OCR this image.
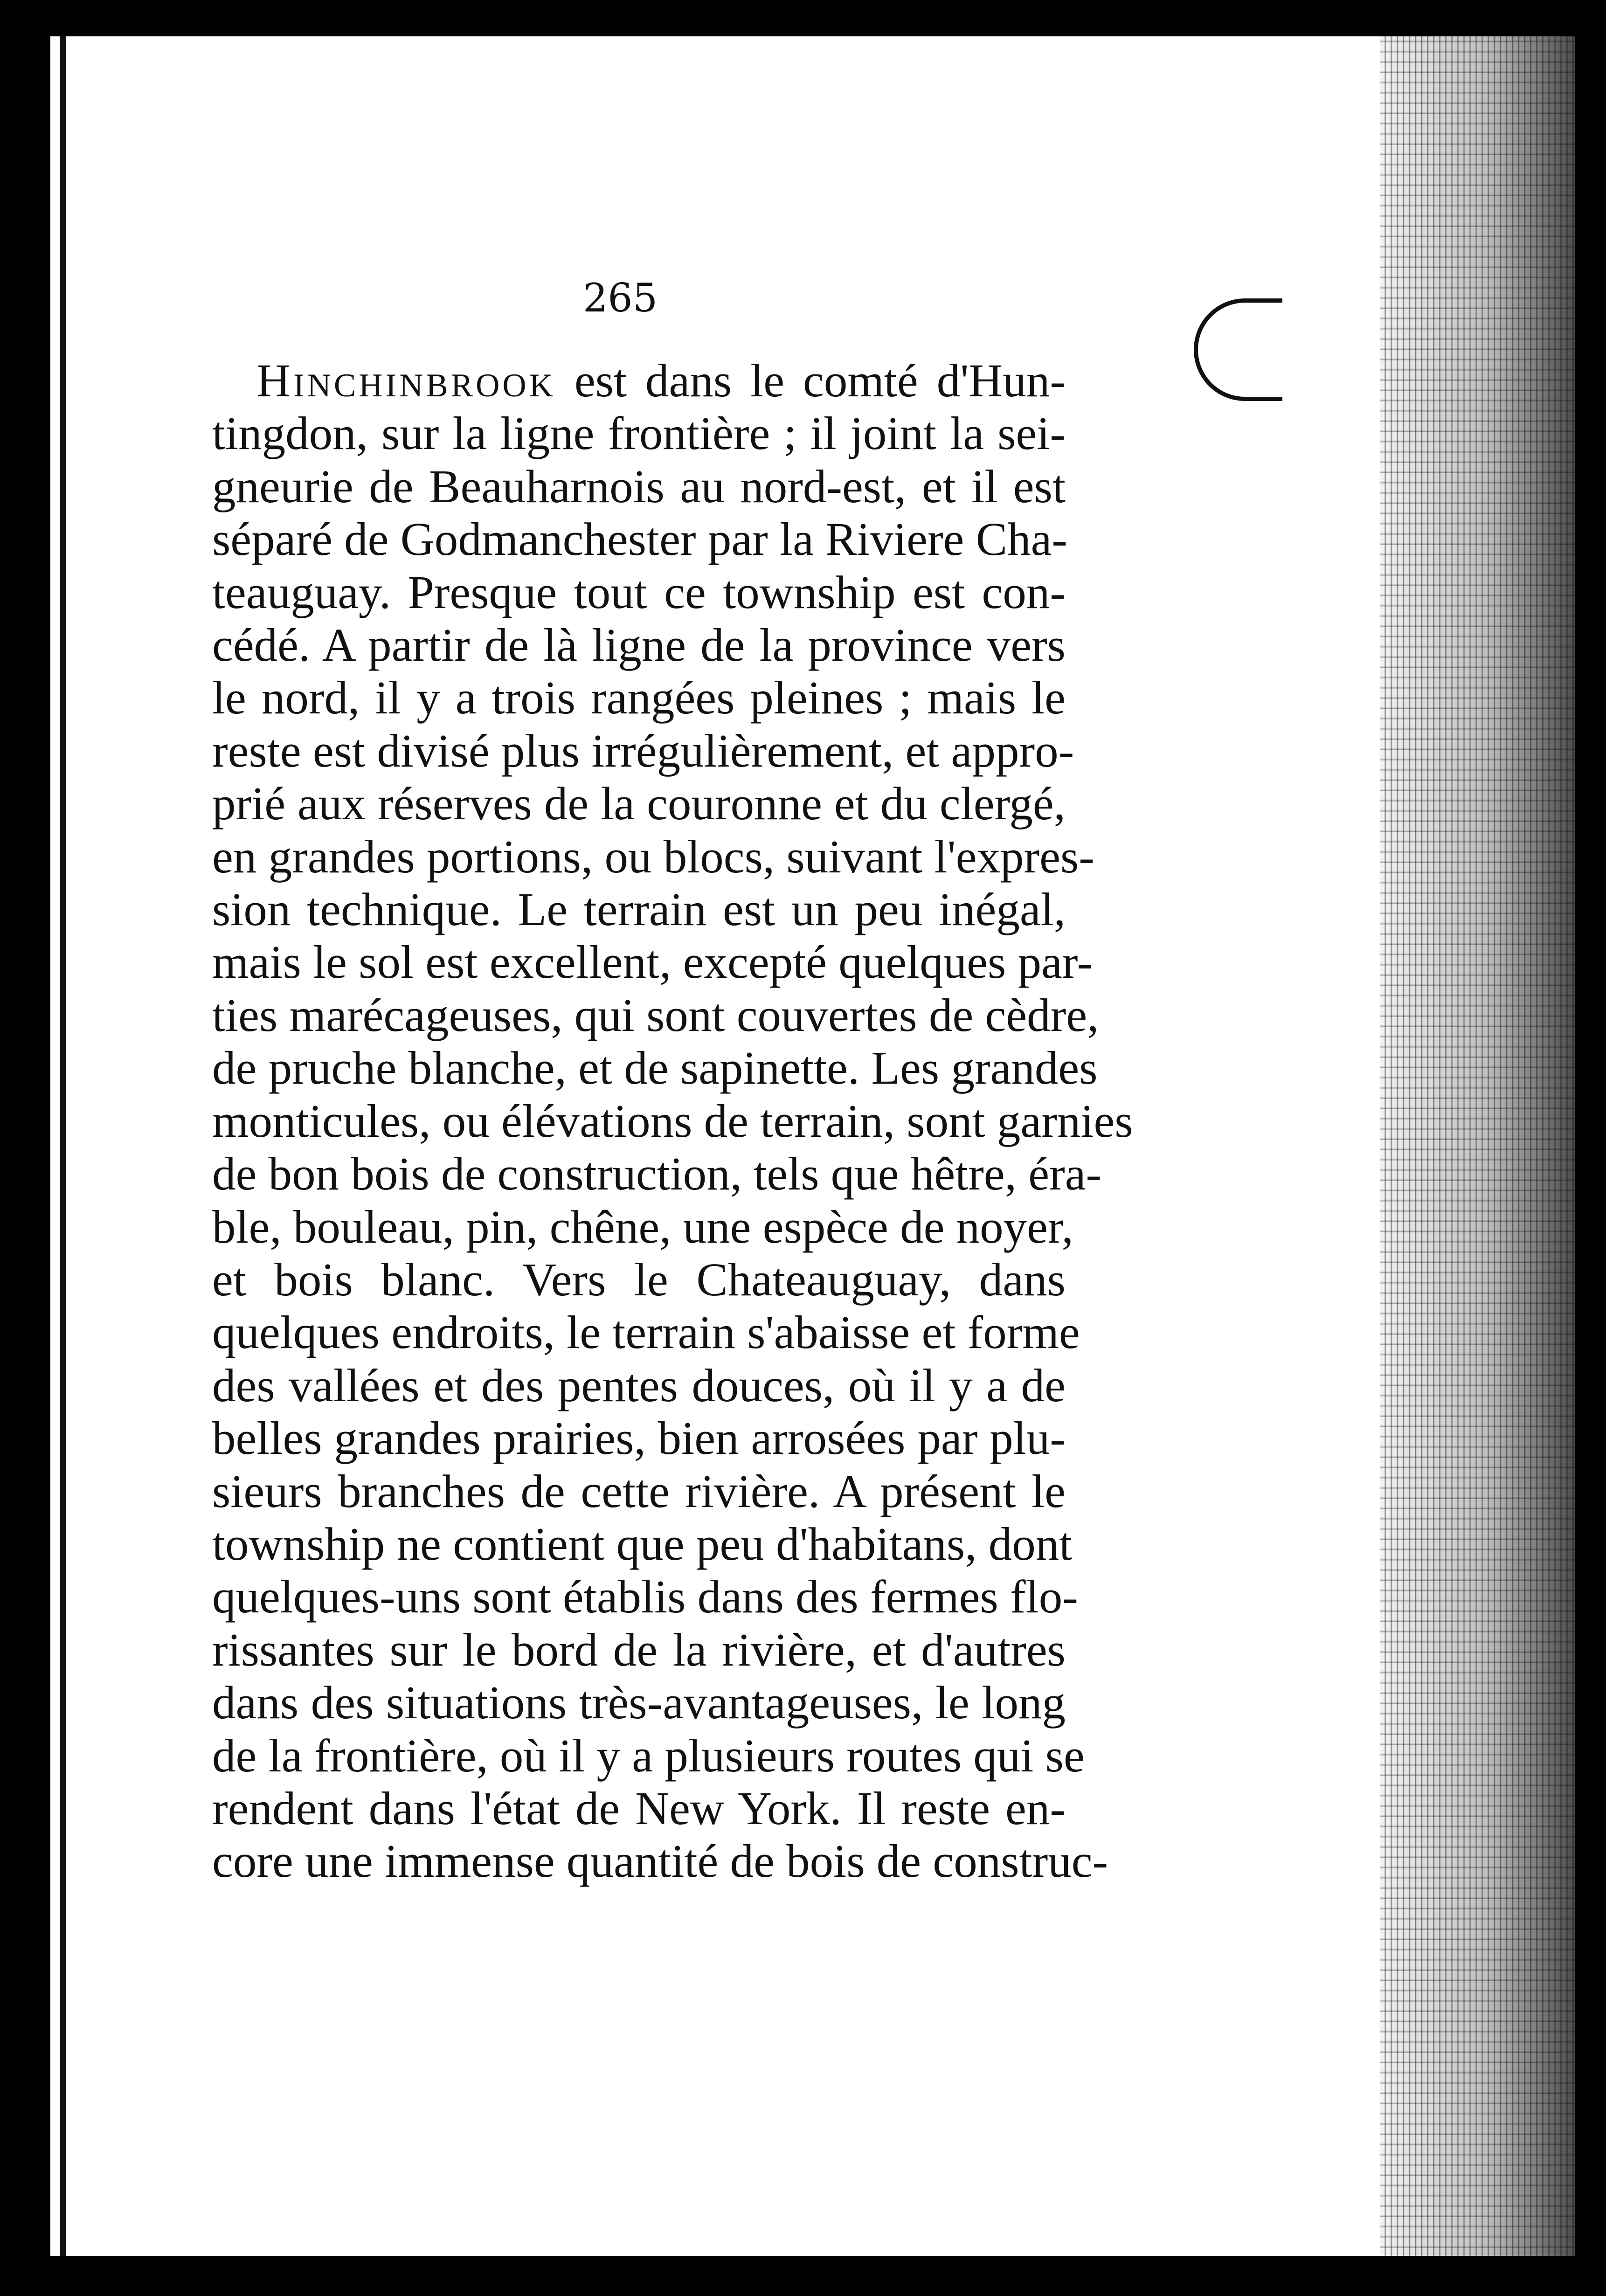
265
Hinchinbrook est dans le comté d'Hun-
tingdon, sur la ligne frontière ; il joint la sei-
gneurie de Beauharnois au nord-est, et il est
séparé de Godmanchester par la Riviere Cha-
teauguay. Presque tout ce township est con-
cédé. A partir de là ligne de la province vers
le nord, il y a trois rangées pleines ; mais le
reste est divisé plus irrégulièrement, et appro-
prié aux réserves de la couronne et du clergé,
en grandes portions, ou blocs, suivant l'expres-
sion technique. Le terrain est un peu inégal,
mais le sol est excellent, excepté quelques par-
ties marécageuses, qui sont couvertes de cèdre,
de pruche blanche, et de sapinette. Les grandes
monticules, ou élévations de terrain, sont garnies
de bon bois de construction, tels que hêtre, éra-
ble, bouleau, pin, chêne, une espèce de noyer,
et bois blanc. Vers le Chateauguay, dans
quelques endroits, le terrain s'abaisse et forme
des vallées et des pentes douces, où il y a de
belles grandes prairies, bien arrosées par plu-
sieurs branches de cette rivière. A présent le
township ne contient que peu d'habitans, dont
quelques-uns sont établis dans des fermes flo-
rissantes sur le bord de la rivière, et d'autres
dans des situations très-avantageuses, le long
de la frontière, où il y a plusieurs routes qui se
rendent dans l'état de New York. Il reste en-
core une immense quantité de bois de construc-
